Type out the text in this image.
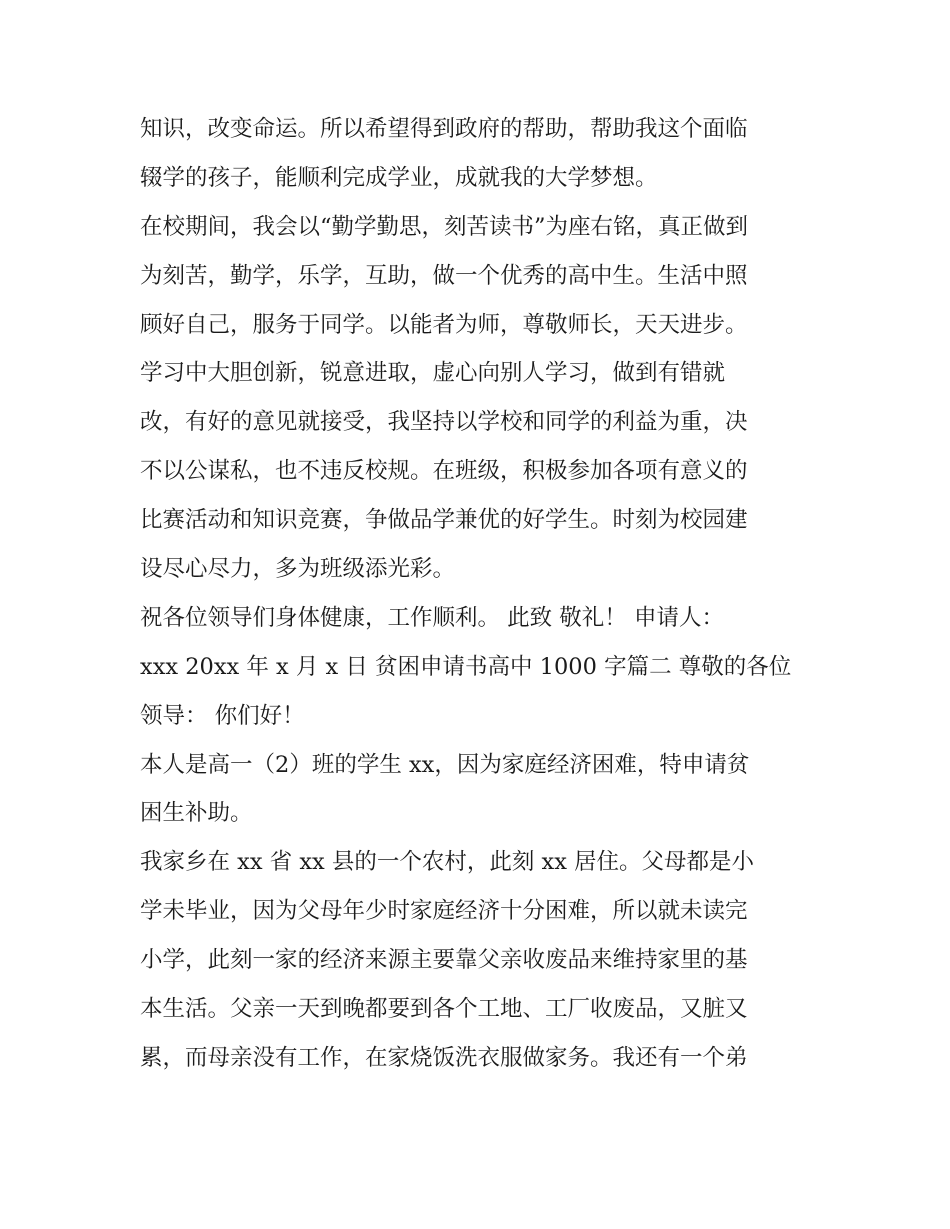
知识，改变命运。所以希望得到政府的帮助，帮助我这个面临
辍学的孩子，能顺利完成学业，成就我的大学梦想。
在校期间，我会以“勤学勤思，刻苦读书”为座右铭，真正做到
为刻苦，勤学，乐学，互助，做一个优秀的高中生。生活中照
顾好自己，服务于同学。以能者为师，尊敬师长，天天进步。
学习中大胆创新，锐意进取，虚心向别人学习，做到有错就
改，有好的意见就接受，我坚持以学校和同学的利益为重，决
不以公谋私，也不违反校规。在班级，积极参加各项有意义的
比赛活动和知识竞赛，争做品学兼优的好学生。时刻为校园建
设尽心尽力，多为班级添光彩。
祝各位领导们身体健康，工作顺利。 此致 敬礼！ 申请人：
xxx 20xx 年 x 月 x 日 贫困申请书高中 1000 字篇二 尊敬的各位
领导： 你们好！
本人是高一（2）班的学生 xx，因为家庭经济困难，特申请贫
困生补助。
我家乡在 xx 省 xx 县的一个农村，此刻 xx 居住。父母都是小
学未毕业，因为父母年少时家庭经济十分困难，所以就未读完
小学，此刻一家的经济来源主要靠父亲收废品来维持家里的基
本生活。父亲一天到晚都要到各个工地、工厂收废品，又脏又
累，而母亲没有工作，在家烧饭洗衣服做家务。我还有一个弟
